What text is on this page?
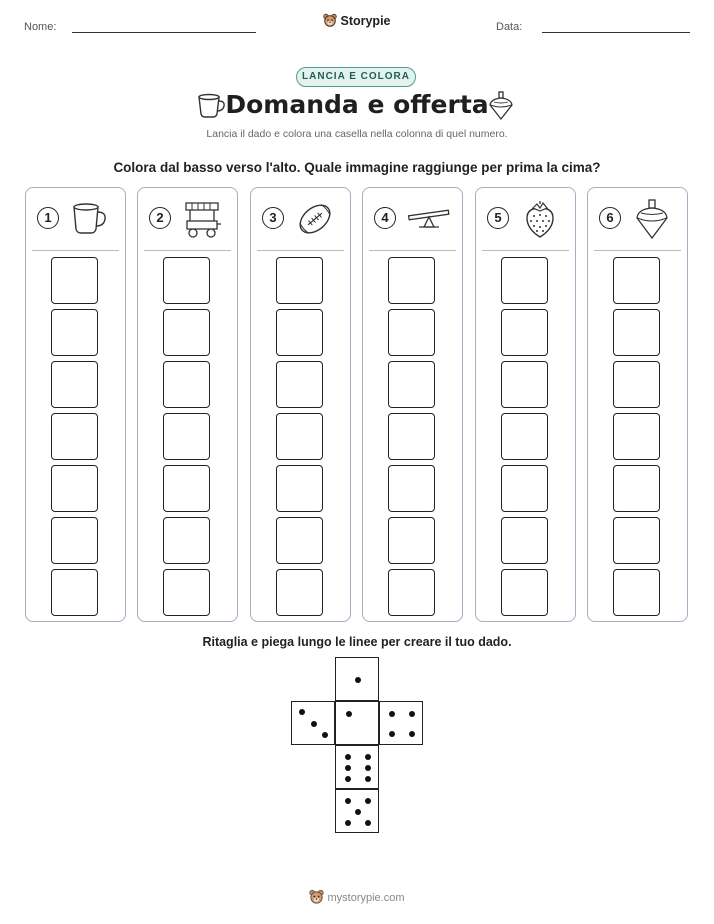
Nome:	Storypie	Data:
LANCIA E COLORA
Domanda e offerta
Lancia il dado e colora una casella nella colonna di quel numero.
Colora dal basso verso l'alto. Quale immagine raggiunge per prima la cima?
1	2	3	4	5	6
Ritaglia e piega lungo le linee per creare il tuo dado.
mystorypie.com
